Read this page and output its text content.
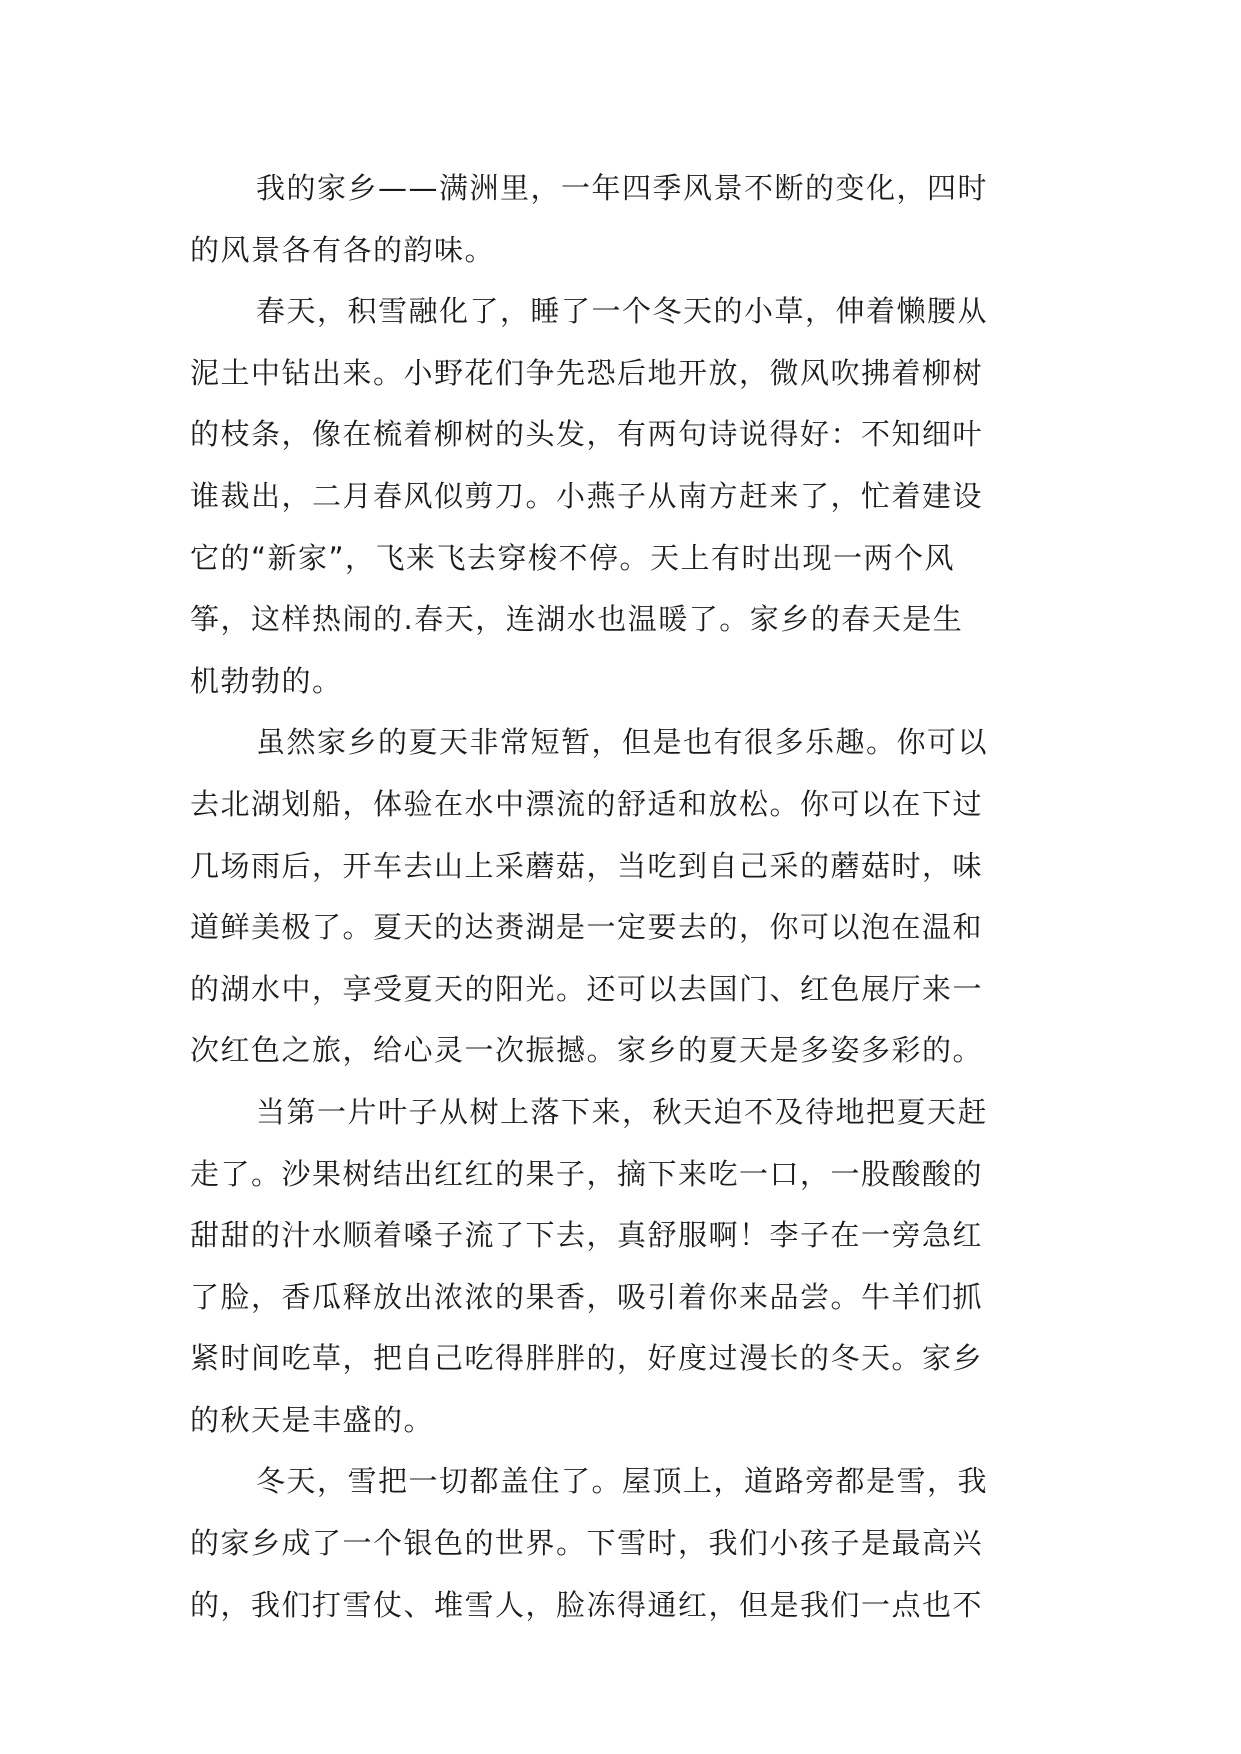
我的家乡——满洲里，一年四季风景不断的变化，四时
的风景各有各的韵味。
春天，积雪融化了，睡了一个冬天的小草，伸着懒腰从
泥土中钻出来。小野花们争先恐后地开放，微风吹拂着柳树
的枝条，像在梳着柳树的头发，有两句诗说得好：不知细叶
谁裁出，二月春风似剪刀。小燕子从南方赶来了，忙着建设
它的“新家”，飞来飞去穿梭不停。天上有时出现一两个风
筝，这样热闹的.春天，连湖水也温暖了。家乡的春天是生
机勃勃的。
虽然家乡的夏天非常短暂，但是也有很多乐趣。你可以
去北湖划船，体验在水中漂流的舒适和放松。你可以在下过
几场雨后，开车去山上采蘑菇，当吃到自己采的蘑菇时，味
道鲜美极了。夏天的达赉湖是一定要去的，你可以泡在温和
的湖水中，享受夏天的阳光。还可以去国门、红色展厅来一
次红色之旅，给心灵一次振撼。家乡的夏天是多姿多彩的。
当第一片叶子从树上落下来，秋天迫不及待地把夏天赶
走了。沙果树结出红红的果子，摘下来吃一口，一股酸酸的
甜甜的汁水顺着嗓子流了下去，真舒服啊！李子在一旁急红
了脸，香瓜释放出浓浓的果香，吸引着你来品尝。牛羊们抓
紧时间吃草，把自己吃得胖胖的，好度过漫长的冬天。家乡
的秋天是丰盛的。
冬天，雪把一切都盖住了。屋顶上，道路旁都是雪，我
的家乡成了一个银色的世界。下雪时，我们小孩子是最高兴
的，我们打雪仗、堆雪人，脸冻得通红，但是我们一点也不
